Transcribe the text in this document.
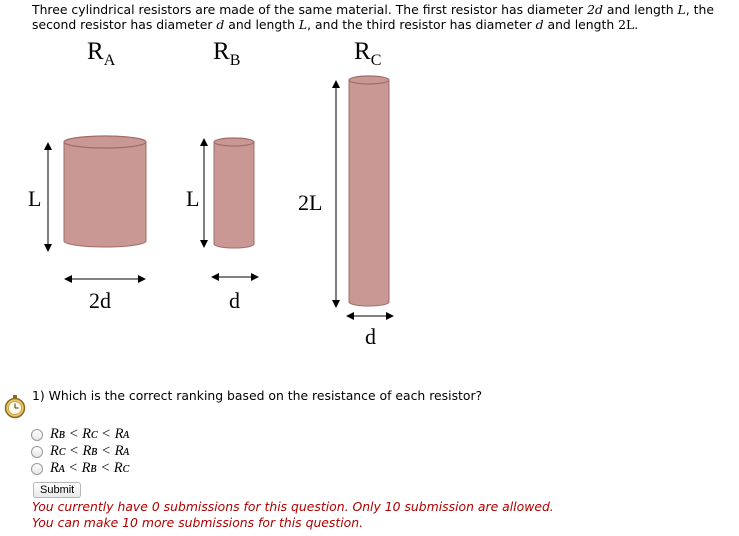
Three cylindrical resistors are made of the same material. The first resistor has diameter 2d and length L, the second resistor has diameter d and length L, and the third resistor has diameter d and length 2L.
$R_A$	$R_B$	$R_C$
L	L	2L
2d	d
d
1) Which is the correct ranking based on the resistance of each resistor?
Rʙ < Rᴄ < Rᴀ
Rᴄ < Rʙ < Rᴀ
Rᴀ < Rʙ < Rᴄ
Submit
You currently have 0 submissions for this question. Only 10 submission are allowed.
You can make 10 more submissions for this question.
